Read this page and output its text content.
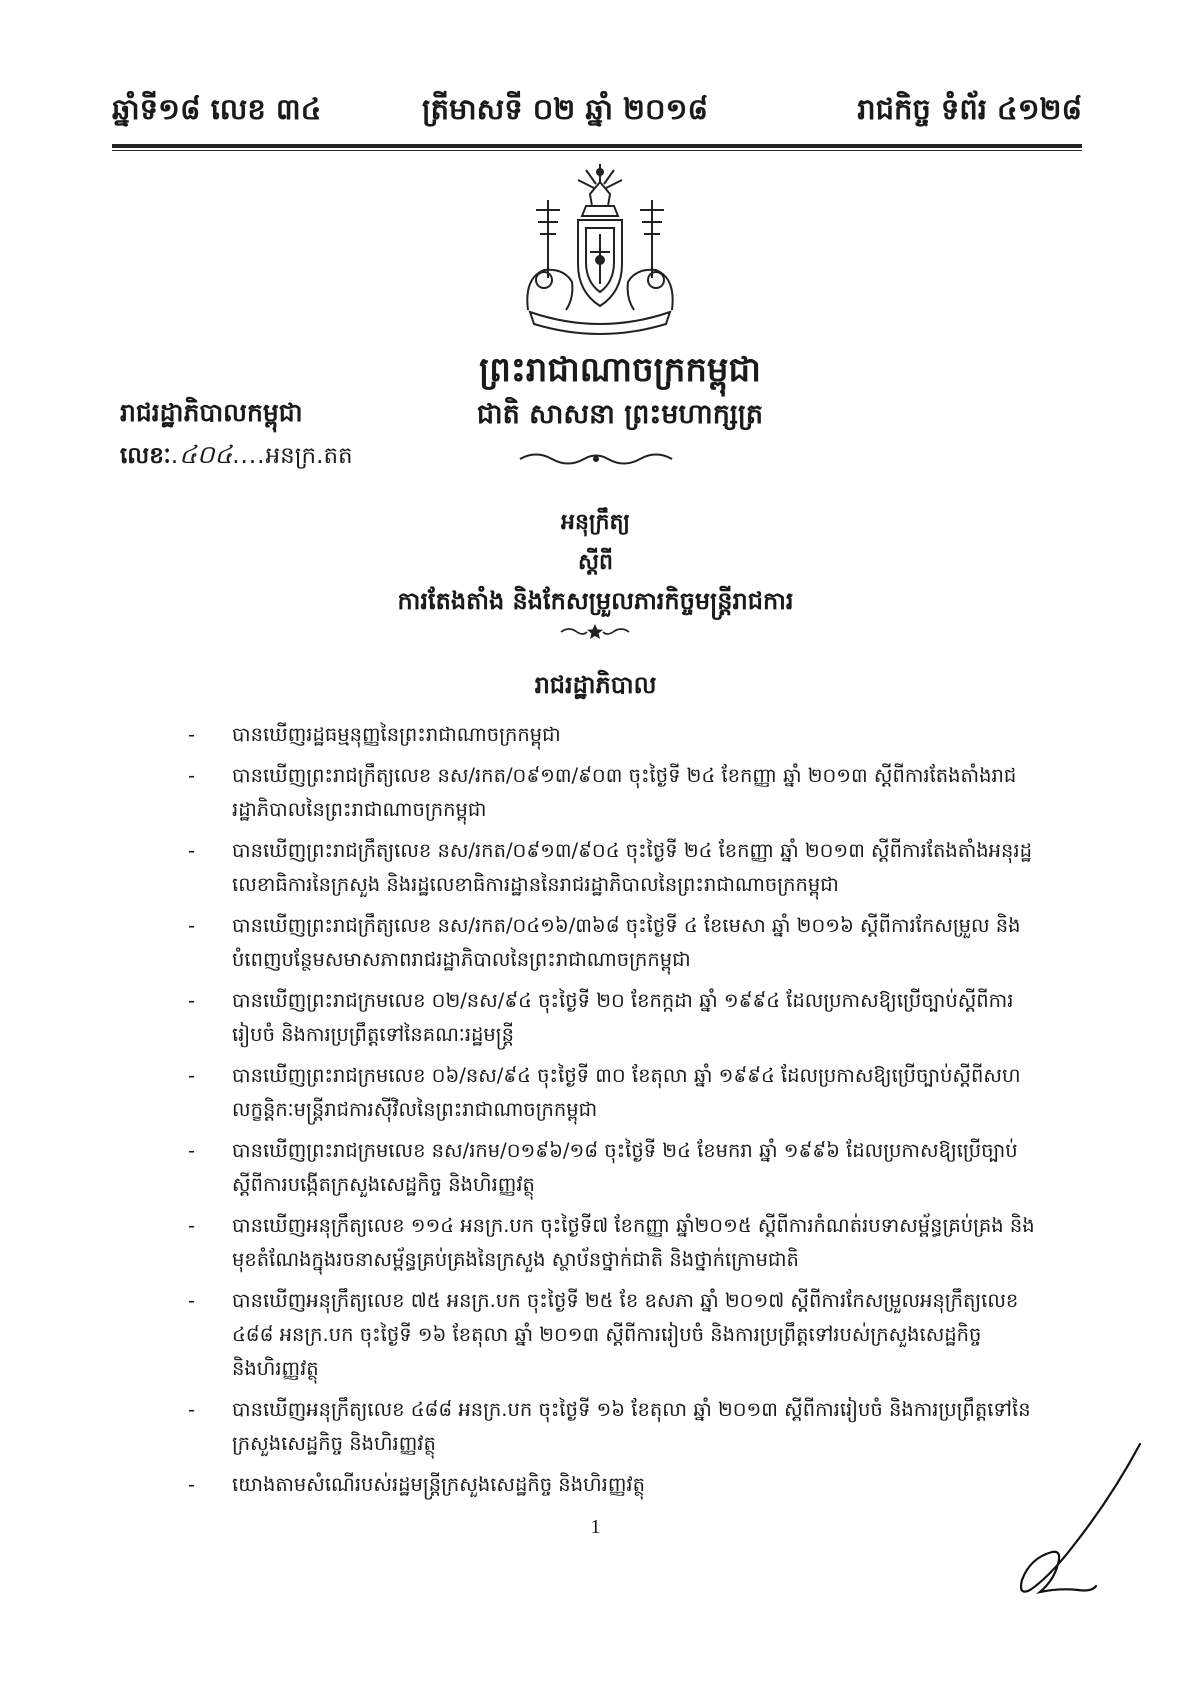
ឆ្នាំទី១៨ លេខ ៣៤	ត្រីមាសទី ០២ ឆ្នាំ ២០១៨	រាជកិច្ច ទំព័រ ៤១២៨
ព្រះរាជាណាចក្រកម្ពុជា
ជាតិ សាសនា ព្រះមហាក្សត្រ
រាជរដ្ឋាភិបាលកម្ពុជា
លេខៈ.៤០៤....អនក្រ.តត
អនុក្រឹត្យ
ស្តីពី
ការតែងតាំង និងកែសម្រួលភារកិច្ចមន្ត្រីរាជការ
រាជរដ្ឋាភិបាល
- បានឃើញរដ្ឋធម្មនុញ្ញនៃព្រះរាជាណាចក្រកម្ពុជា
- បានឃើញព្រះរាជក្រឹត្យលេខ នស/រកត/០៩១៣/៩០៣ ចុះថ្ងៃទី ២៤ ខែកញ្ញា ឆ្នាំ ២០១៣ ស្តីពីការតែងតាំងរាជរដ្ឋាភិបាលនៃព្រះរាជាណាចក្រកម្ពុជា
- បានឃើញព្រះរាជក្រឹត្យលេខ នស/រកត/០៩១៣/៩០៤ ចុះថ្ងៃទី ២៤ ខែកញ្ញា ឆ្នាំ ២០១៣ ស្តីពីការតែងតាំងអនុរដ្ឋលេខាធិការនៃក្រសួង និងរដ្ឋលេខាធិការដ្ឋាននៃរាជរដ្ឋាភិបាលនៃព្រះរាជាណាចក្រកម្ពុជា
- បានឃើញព្រះរាជក្រឹត្យលេខ នស/រកត/០៤១៦/៣៦៨ ចុះថ្ងៃទី ៤ ខែមេសា ឆ្នាំ ២០១៦ ស្តីពីការកែសម្រួល និងបំពេញបន្ថែមសមាសភាពរាជរដ្ឋាភិបាលនៃព្រះរាជាណាចក្រកម្ពុជា
- បានឃើញព្រះរាជក្រមលេខ ០២/នស/៩៤ ចុះថ្ងៃទី ២០ ខែកក្កដា ឆ្នាំ ១៩៩៤ ដែលប្រកាសឱ្យប្រើច្បាប់ស្តីពីការរៀបចំ និងការប្រព្រឹត្តទៅនៃគណៈរដ្ឋមន្ត្រី
- បានឃើញព្រះរាជក្រមលេខ ០៦/នស/៩៤ ចុះថ្ងៃទី ៣០ ខែតុលា ឆ្នាំ ១៩៩៤ ដែលប្រកាសឱ្យប្រើច្បាប់ស្តីពីសហលក្ខន្តិកៈមន្ត្រីរាជការស៊ីវិលនៃព្រះរាជាណាចក្រកម្ពុជា
- បានឃើញព្រះរាជក្រមលេខ នស/រកម/០១៩៦/១៨ ចុះថ្ងៃទី ២៤ ខែមករា ឆ្នាំ ១៩៩៦ ដែលប្រកាសឱ្យប្រើច្បាប់ស្តីពីការបង្កើតក្រសួងសេដ្ឋកិច្ច និងហិរញ្ញវត្ថុ
- បានឃើញអនុក្រឹត្យលេខ ១១៤ អនក្រ.បក ចុះថ្ងៃទី៧ ខែកញ្ញា ឆ្នាំ២០១៥ ស្តីពីការកំណត់របទាសម្ព័ន្ធគ្រប់គ្រង និងមុខតំណែងក្នុងរចនាសម្ព័ន្ធគ្រប់គ្រងនៃក្រសួង ស្ថាប័នថ្នាក់ជាតិ និងថ្នាក់ក្រោមជាតិ
- បានឃើញអនុក្រឹត្យលេខ ៧៥ អនក្រ.បក ចុះថ្ងៃទី ២៥ ខែ ឧសភា ឆ្នាំ ២០១៧ ស្តីពីការកែសម្រួលអនុក្រឹត្យលេខ ៤៨៨ អនក្រ.បក ចុះថ្ងៃទី ១៦ ខែតុលា ឆ្នាំ ២០១៣ ស្តីពីការរៀបចំ និងការប្រព្រឹត្តទៅរបស់ក្រសួងសេដ្ឋកិច្ច និងហិរញ្ញវត្ថុ
- បានឃើញអនុក្រឹត្យលេខ ៤៨៨ អនក្រ.បក ចុះថ្ងៃទី ១៦ ខែតុលា ឆ្នាំ ២០១៣ ស្តីពីការរៀបចំ និងការប្រព្រឹត្តទៅនៃក្រសួងសេដ្ឋកិច្ច និងហិរញ្ញវត្ថុ
- យោងតាមសំណើរបស់រដ្ឋមន្ត្រីក្រសួងសេដ្ឋកិច្ច និងហិរញ្ញវត្ថុ
1
